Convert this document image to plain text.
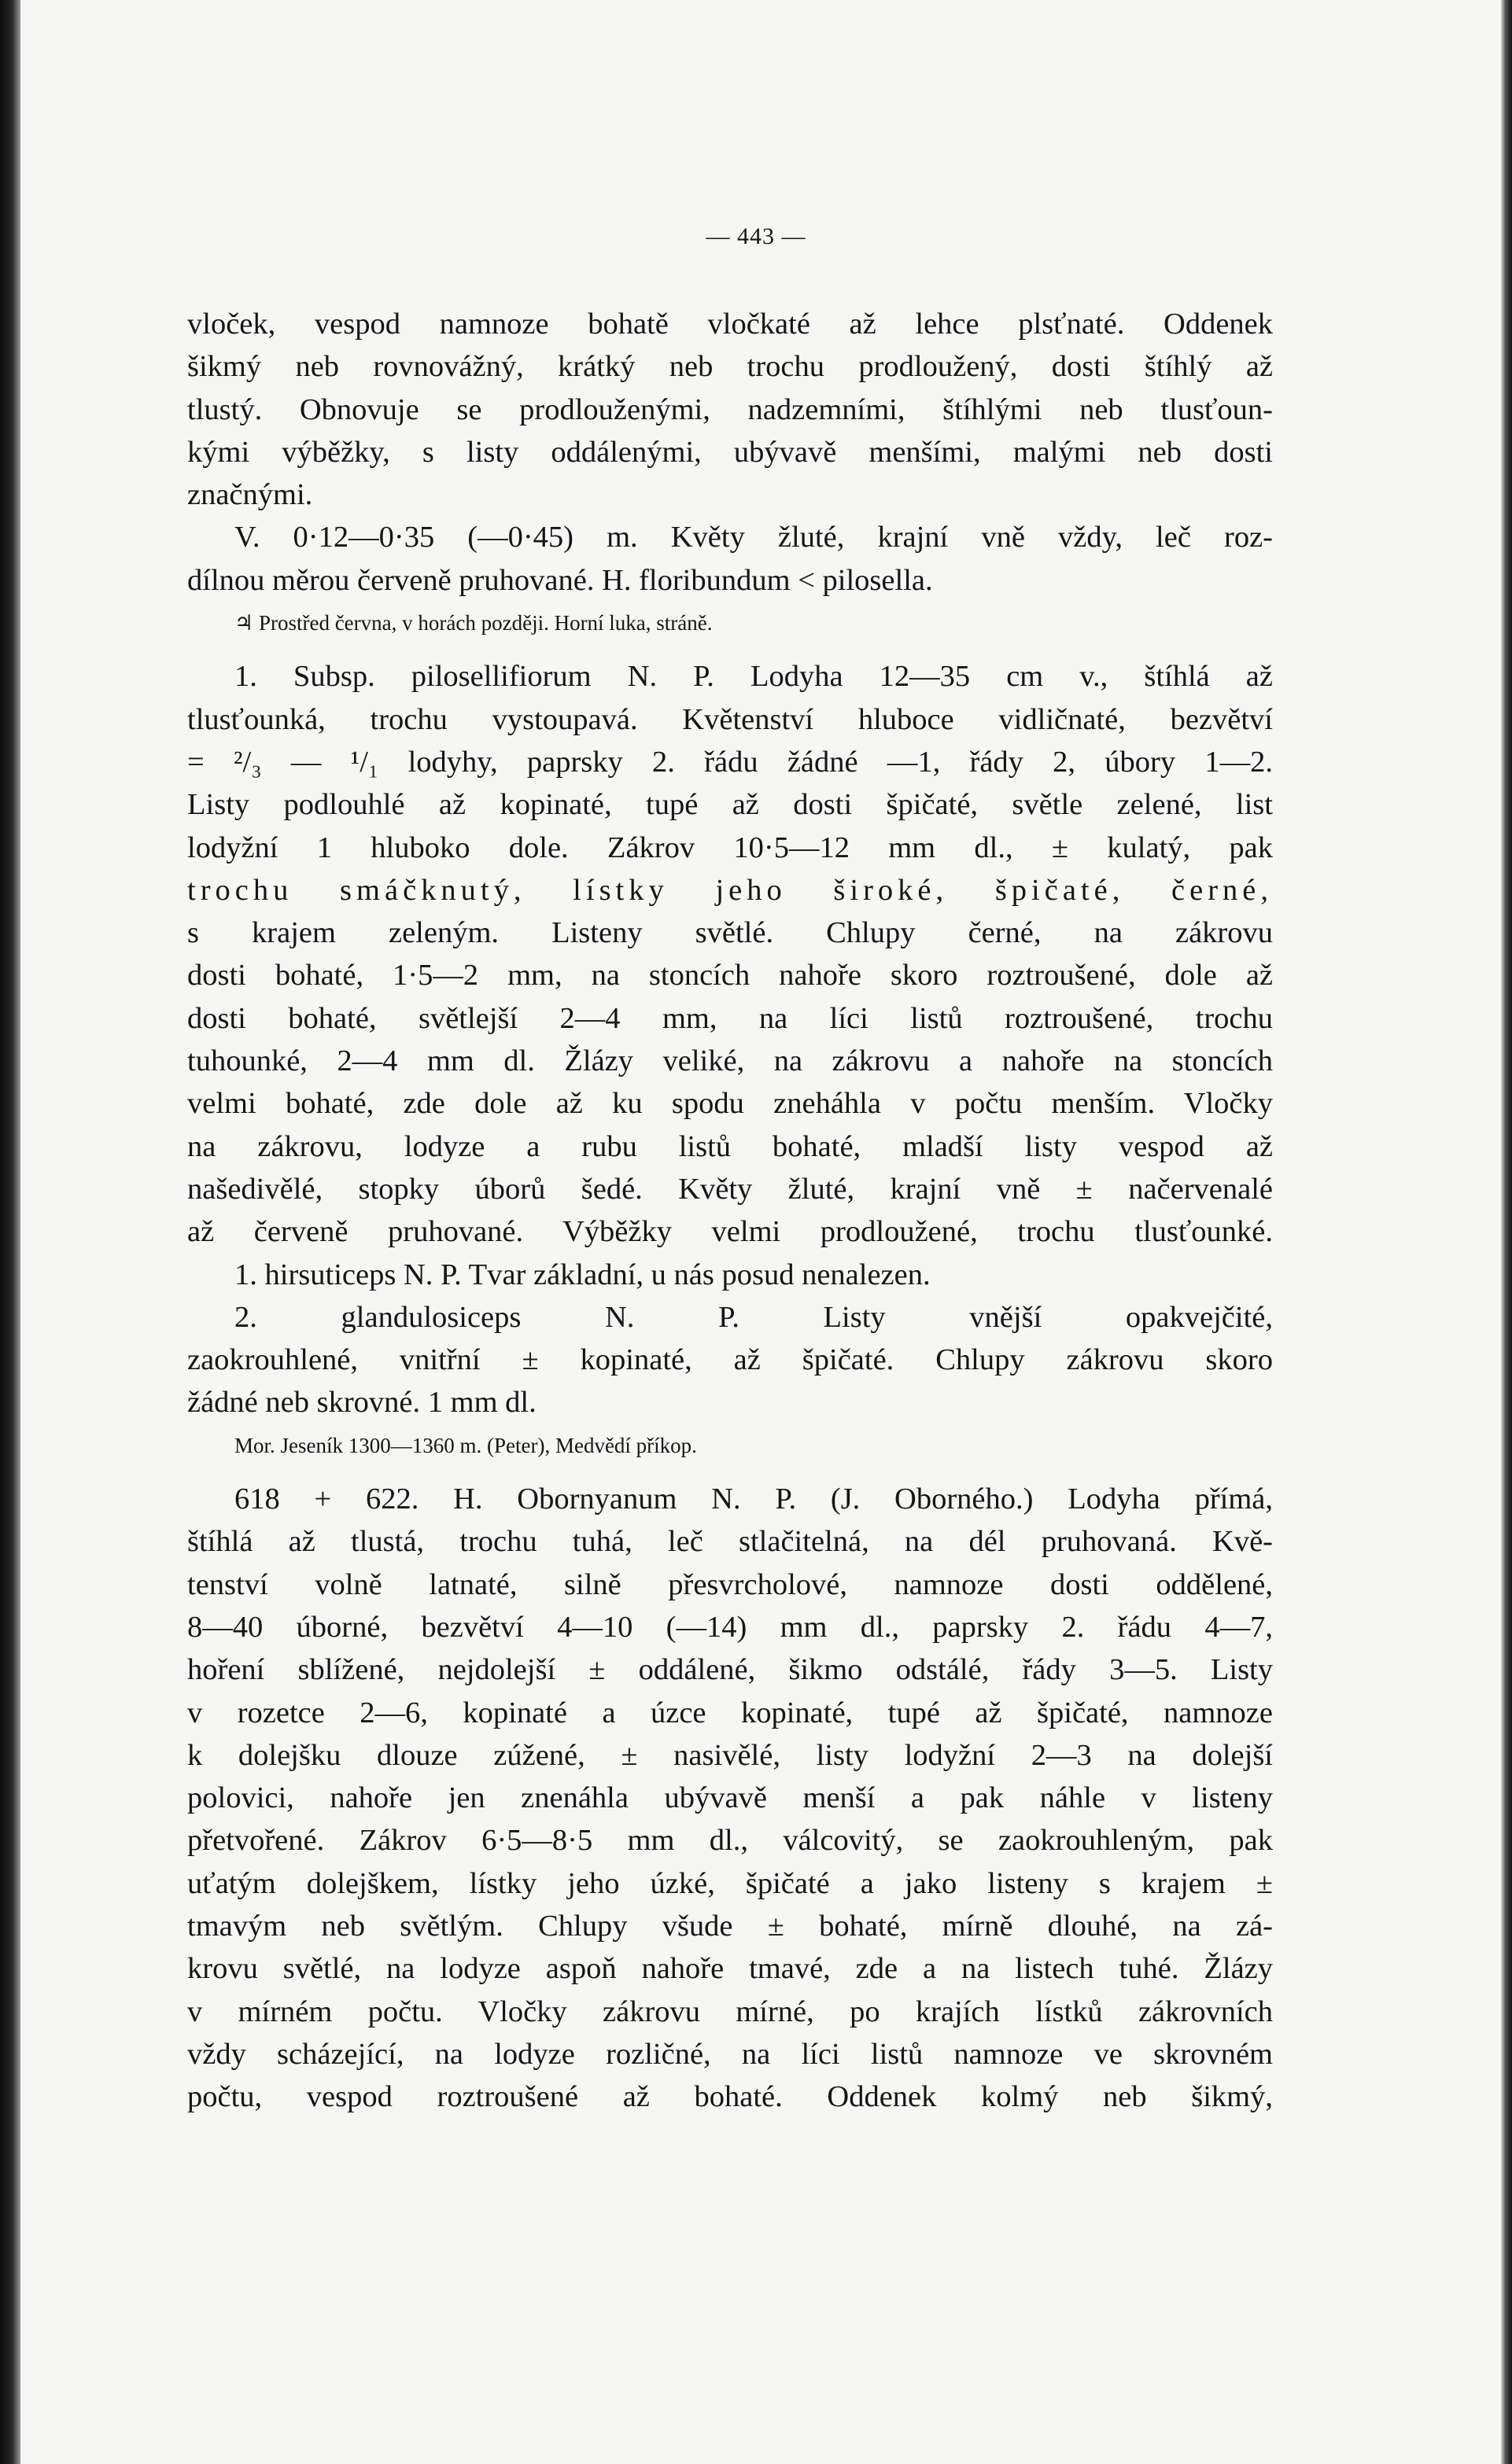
— 443 —
vloček, vespod namnoze bohatě vločkaté až lehce plsťnaté. Oddenek
šikmý neb rovnovážný, krátký neb trochu prodloužený, dosti štíhlý až
tlustý. Obnovuje se prodlouženými, nadzemními, štíhlými neb tlusťoun-
kými výběžky, s listy oddálenými, ubývavě menšími, malými neb dosti
značnými.
V. 0·12—0·35 (—0·45) m. Květy žluté, krajní vně vždy, leč roz-
dílnou měrou červeně pruhované. H. floribundum < pilosella.
♃ Prostřed června, v horách později. Horní luka, stráně.
1. Subsp. pilosellifiorum N. P. Lodyha 12—35 cm v., štíhlá až
tlusťounká, trochu vystoupavá. Květenství hluboce vidličnaté, bezvětví
= ²/₃ — ¹/₁ lodyhy, paprsky 2. řádu žádné —1, řády 2, úbory 1—2.
Listy podlouhlé až kopinaté, tupé až dosti špičaté, světle zelené, list
lodyžní 1 hluboko dole. Zákrov 10·5—12 mm dl., ± kulatý, pak
trochu smáčknutý, lístky jeho široké, špičaté, černé,
s krajem zeleným. Listeny světlé. Chlupy černé, na zákrovu
dosti bohaté, 1·5—2 mm, na stoncích nahoře skoro roztroušené, dole až
dosti bohaté, světlejší 2—4 mm, na líci listů roztroušené, trochu
tuhounké, 2—4 mm dl. Žlázy veliké, na zákrovu a nahoře na stoncích
velmi bohaté, zde dole až ku spodu zneháhla v počtu menším. Vločky
na zákrovu, lodyze a rubu listů bohaté, mladší listy vespod až
našedivělé, stopky úborů šedé. Květy žluté, krajní vně ± načervenalé
až červeně pruhované. Výběžky velmi prodloužené, trochu tlusťounké.
1. hirsuticeps N. P. Tvar základní, u nás posud nenalezen.
2. glandulosiceps N. P. Listy vnější opakvejčité,
zaokrouhlené, vnitřní ± kopinaté, až špičaté. Chlupy zákrovu skoro
žádné neb skrovné. 1 mm dl.
Mor. Jeseník 1300—1360 m. (Peter), Medvědí příkop.
618 + 622. H. Obornyanum N. P. (J. Oborného.) Lodyha přímá,
štíhlá až tlustá, trochu tuhá, leč stlačitelná, na dél pruhovaná. Kvě-
tenství volně latnaté, silně přesvrcholové, namnoze dosti oddělené,
8—40 úborné, bezvětví 4—10 (—14) mm dl., paprsky 2. řádu 4—7,
hoření sblížené, nejdolejší ± oddálené, šikmo odstálé, řády 3—5. Listy
v rozetce 2—6, kopinaté a úzce kopinaté, tupé až špičaté, namnoze
k dolejšku dlouze zúžené, ± nasivělé, listy lodyžní 2—3 na dolejší
polovici, nahoře jen znenáhla ubývavě menší a pak náhle v listeny
přetvořené. Zákrov 6·5—8·5 mm dl., válcovitý, se zaokrouhleným, pak
uťatým dolejškem, lístky jeho úzké, špičaté a jako listeny s krajem ±
tmavým neb světlým. Chlupy všude ± bohaté, mírně dlouhé, na zá-
krovu světlé, na lodyze aspoň nahoře tmavé, zde a na listech tuhé. Žlázy
v mírném počtu. Vločky zákrovu mírné, po krajích lístků zákrovních
vždy scházející, na lodyze rozličné, na líci listů namnoze ve skrovném
počtu, vespod roztroušené až bohaté. Oddenek kolmý neb šikmý,
